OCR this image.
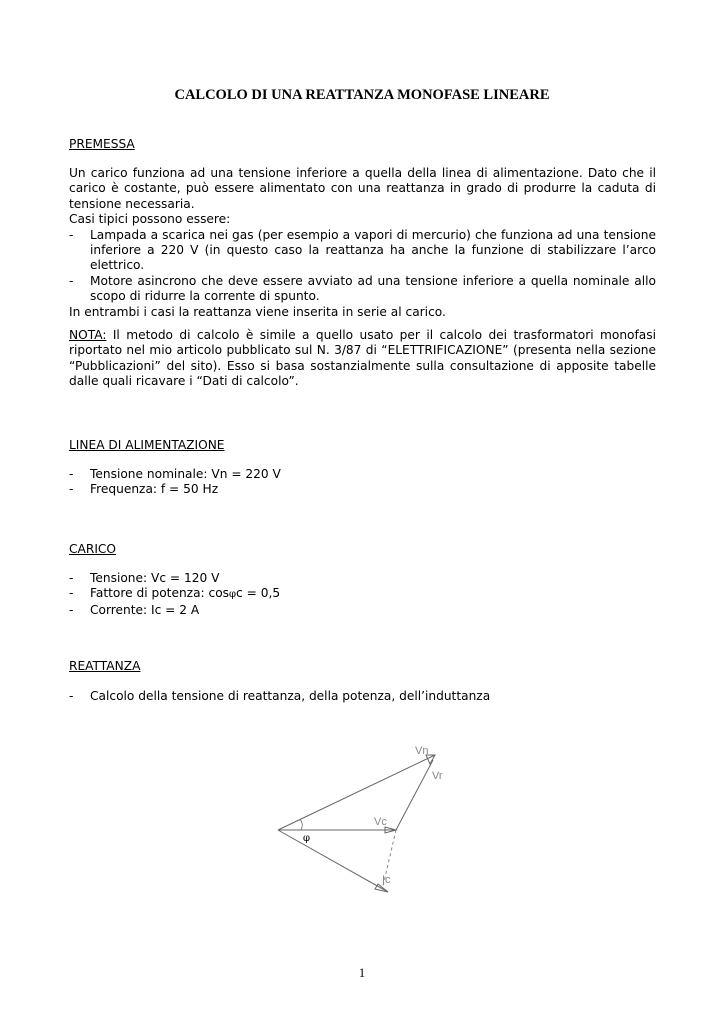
CALCOLO DI UNA REATTANZA MONOFASE LINEARE
PREMESSA
Un carico funziona ad una tensione inferiore a quella della linea di alimentazione. Dato che il carico è costante, può essere alimentato con una reattanza in grado di produrre la caduta di tensione necessaria.
Casi tipici possono essere:
- Lampada a scarica nei gas (per esempio a vapori di mercurio) che funziona ad una tensione inferiore a 220 V (in questo caso la reattanza ha anche la funzione di stabilizzare l’arco elettrico.
- Motore asincrono che deve essere avviato ad una tensione inferiore a quella nominale allo scopo di ridurre la corrente di spunto.
In entrambi i casi la reattanza viene inserita in serie al carico.
NOTA: Il metodo di calcolo è simile a quello usato per il calcolo dei trasformatori monofasi riportato nel mio articolo pubblicato sul N. 3/87 di “ELETTRIFICAZIONE” (presenta nella sezione “Pubblicazioni” del sito). Esso si basa sostanzialmente sulla consultazione di apposite tabelle dalle quali ricavare i “Dati di calcolo”.
LINEA DI ALIMENTAZIONE
- Tensione nominale: Vn = 220 V
- Frequenza: f = 50 Hz
CARICO
- Tensione: Vc = 120 V
- Fattore di potenza: cosφc = 0,5
- Corrente: Ic = 2 A
REATTANZA
- Calcolo della tensione di reattanza, della potenza, dell’induttanza
φ
Vn
Vr
Vc
Ic
1
